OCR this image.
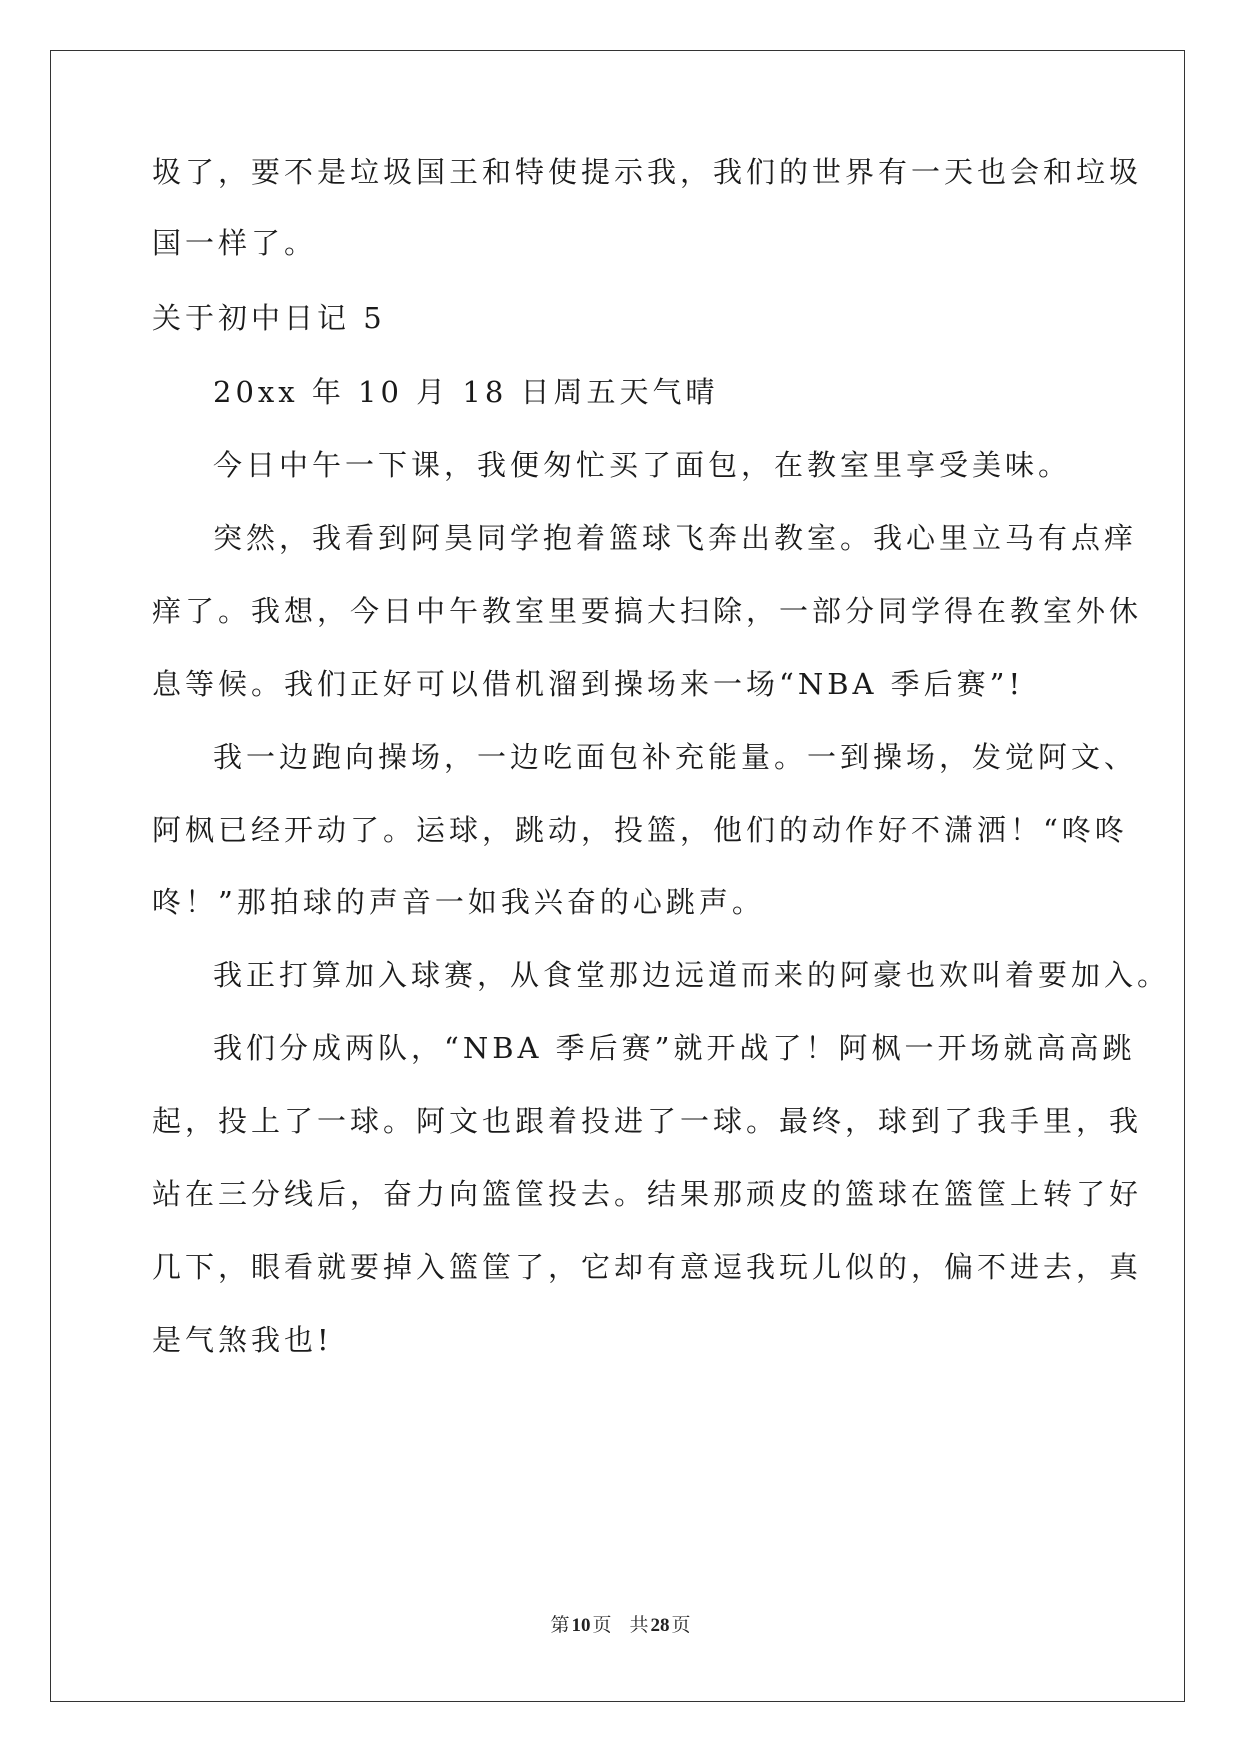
圾了，要不是垃圾国王和特使提示我，我们的世界有一天也会和垃圾
国一样了。
关于初中日记 5
20xx 年 10 月 18 日周五天气晴
今日中午一下课，我便匆忙买了面包，在教室里享受美味。
突然，我看到阿昊同学抱着篮球飞奔出教室。我心里立马有点痒
痒了。我想，今日中午教室里要搞大扫除，一部分同学得在教室外休
息等候。我们正好可以借机溜到操场来一场“NBA 季后赛”!
我一边跑向操场，一边吃面包补充能量。一到操场，发觉阿文、
阿枫已经开动了。运球，跳动，投篮，他们的动作好不潇洒！“咚咚
咚！”那拍球的声音一如我兴奋的心跳声。
我正打算加入球赛，从食堂那边远道而来的阿豪也欢叫着要加入。
我们分成两队，“NBA 季后赛”就开战了！阿枫一开场就高高跳
起，投上了一球。阿文也跟着投进了一球。最终，球到了我手里，我
站在三分线后，奋力向篮筐投去。结果那顽皮的篮球在篮筐上转了好
几下，眼看就要掉入篮筐了，它却有意逗我玩儿似的，偏不进去，真
是气煞我也!
第 10 页 共 28 页
